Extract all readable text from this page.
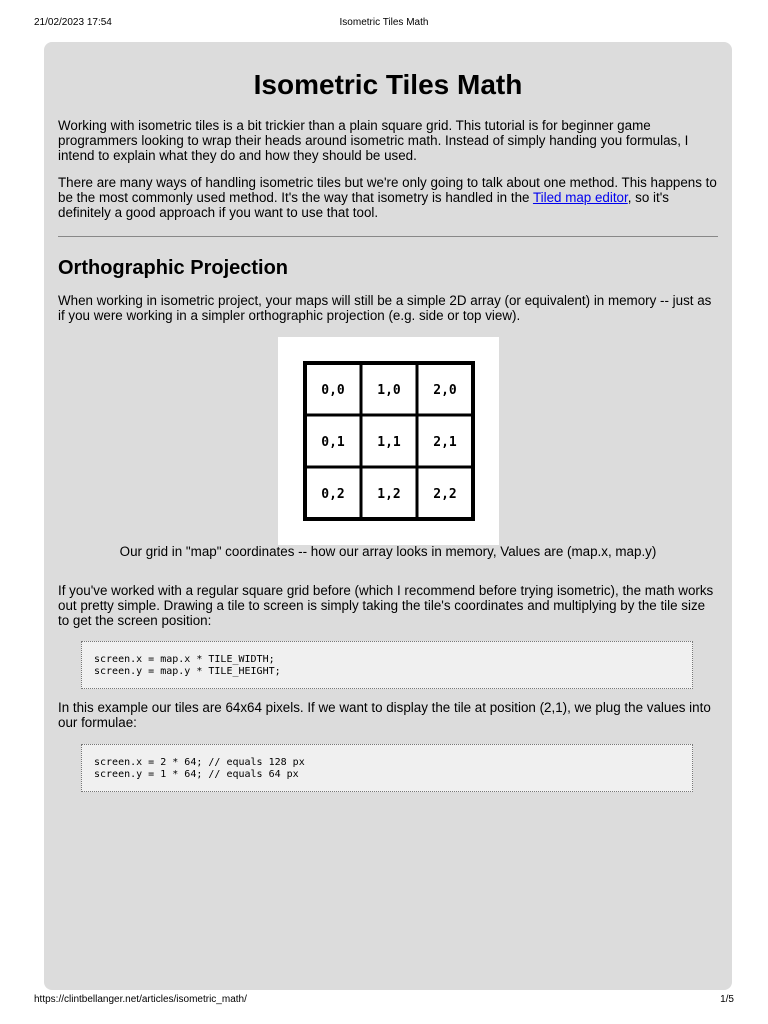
21/02/2023 17:54	Isometric Tiles Math
Isometric Tiles Math

Working with isometric tiles is a bit trickier than a plain square grid. This tutorial is for beginner game programmers looking to wrap their heads around isometric math. Instead of simply handing you formulas, I intend to explain what they do and how they should be used.

There are many ways of handling isometric tiles but we're only going to talk about one method. This happens to be the most commonly used method. It's the way that isometry is handled in the Tiled map editor, so it's definitely a good approach if you want to use that tool.

Orthographic Projection

When working in isometric project, your maps will still be a simple 2D array (or equivalent) in memory -- just as if you were working in a simpler orthographic projection (e.g. side or top view).

0,0	1,0	2,0
0,1	1,1	2,1
0,2	1,2	2,2
Our grid in "map" coordinates -- how our array looks in memory, Values are (map.x, map.y)

If you've worked with a regular square grid before (which I recommend before trying isometric), the math works out pretty simple. Drawing a tile to screen is simply taking the tile's coordinates and multiplying by the tile size to get the screen position:

screen.x = map.x * TILE_WIDTH;
screen.y = map.y * TILE_HEIGHT;

In this example our tiles are 64x64 pixels. If we want to display the tile at position (2,1), we plug the values into our formulae:

screen.x = 2 * 64; // equals 128 px
screen.y = 1 * 64; // equals 64 px
https://clintbellanger.net/articles/isometric_math/	1/5
